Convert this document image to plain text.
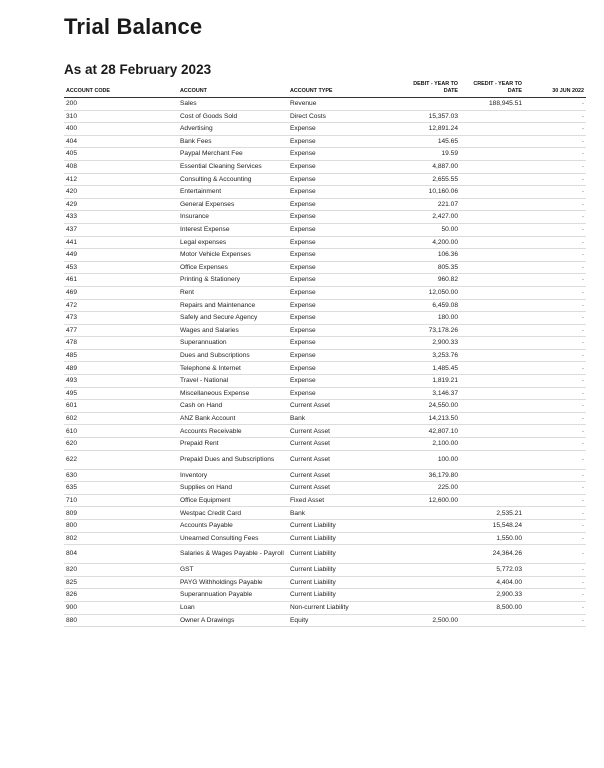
Trial Balance
As at 28 February 2023
ACCOUNT CODE	ACCOUNT	ACCOUNT TYPE	DEBIT - YEAR TO DATE	CREDIT - YEAR TO DATE	30 JUN 2022
200	Sales	Revenue		188,945.51	-
310	Cost of Goods Sold	Direct Costs	15,357.03		-
400	Advertising	Expense	12,891.24		-
404	Bank Fees	Expense	145.65		-
405	Paypal Merchant Fee	Expense	19.59		-
408	Essential Cleaning Services	Expense	4,887.00		-
412	Consulting & Accounting	Expense	2,655.55		-
420	Entertainment	Expense	10,160.06		-
429	General Expenses	Expense	221.07		-
433	Insurance	Expense	2,427.00		-
437	Interest Expense	Expense	50.00		-
441	Legal expenses	Expense	4,200.00		-
449	Motor Vehicle Expenses	Expense	106.36		-
453	Office Expenses	Expense	805.35		-
461	Printing & Stationery	Expense	960.82		-
469	Rent	Expense	12,050.00		-
472	Repairs and Maintenance	Expense	6,459.08		-
473	Safely and Secure Agency	Expense	180.00		-
477	Wages and Salaries	Expense	73,178.26		-
478	Superannuation	Expense	2,900.33		-
485	Dues and Subscriptions	Expense	3,253.76		-
489	Telephone & Internet	Expense	1,485.45		-
493	Travel - National	Expense	1,819.21		-
495	Miscellaneous Expense	Expense	3,146.37		-
601	Cash on Hand	Current Asset	24,550.00		-
602	ANZ Bank Account	Bank	14,213.50		-
610	Accounts Receivable	Current Asset	42,807.10		-
620	Prepaid Rent	Current Asset	2,100.00		-
622	Prepaid Dues and Subscriptions	Current Asset	100.00		-
630	Inventory	Current Asset	36,179.80		-
635	Supplies on Hand	Current Asset	225.00		-
710	Office Equipment	Fixed Asset	12,600.00		-
809	Westpac Credit Card	Bank		2,535.21	-
800	Accounts Payable	Current Liability		15,548.24	-
802	Unearned Consulting Fees	Current Liability		1,550.00	-
804	Salaries & Wages Payable - Payroll	Current Liability		24,364.26	-
820	GST	Current Liability		5,772.03	-
825	PAYG Withholdings Payable	Current Liability		4,404.00	-
826	Superannuation Payable	Current Liability		2,900.33	-
900	Loan	Non-current Liability		8,500.00	-
880	Owner A Drawings	Equity	2,500.00		-
